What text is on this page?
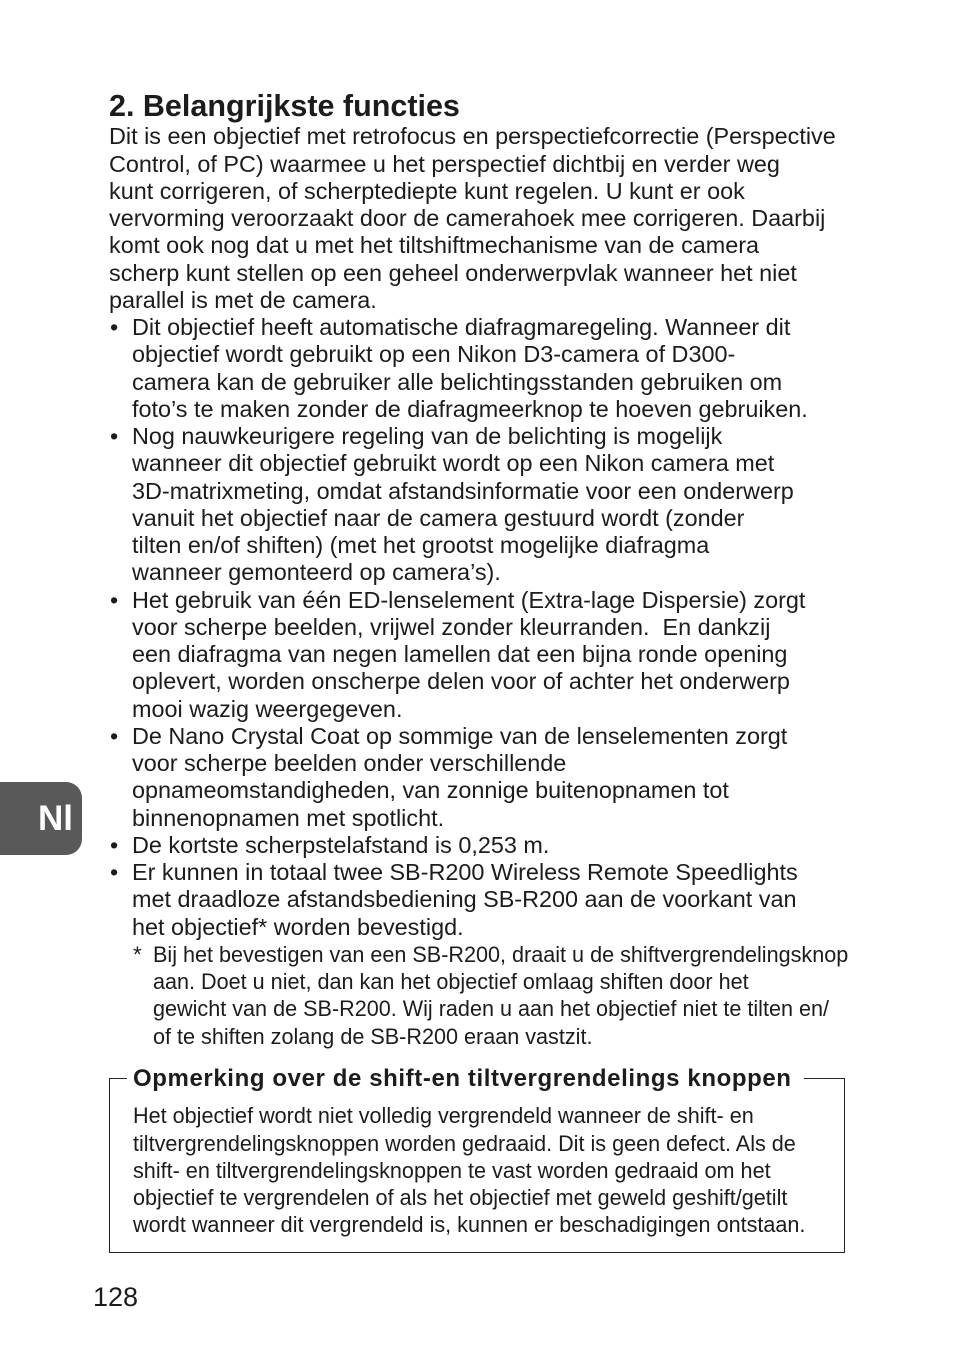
Nl
2. Belangrijkste functies
Dit is een objectief met retrofocus en perspectiefcorrectie (Perspective
Control, of PC) waarmee u het perspectief dichtbij en verder weg
kunt corrigeren, of scherptediepte kunt regelen. U kunt er ook
vervorming veroorzaakt door de camerahoek mee corrigeren. Daarbij
komt ook nog dat u met het tiltshiftmechanisme van de camera
scherp kunt stellen op een geheel onderwerpvlak wanneer het niet
parallel is met de camera.
• Dit objectief heeft automatische diafragmaregeling. Wanneer dit
objectief wordt gebruikt op een Nikon D3-camera of D300-
camera kan de gebruiker alle belichtingsstanden gebruiken om
foto’s te maken zonder de diafragmeerknop te hoeven gebruiken.
• Nog nauwkeurigere regeling van de belichting is mogelijk
wanneer dit objectief gebruikt wordt op een Nikon camera met
3D-matrixmeting, omdat afstandsinformatie voor een onderwerp
vanuit het objectief naar de camera gestuurd wordt (zonder
tilten en/of shiften) (met het grootst mogelijke diafragma
wanneer gemonteerd op camera’s).
• Het gebruik van één ED-lenselement (Extra-lage Dispersie) zorgt
voor scherpe beelden, vrijwel zonder kleurranden.  En dankzij
een diafragma van negen lamellen dat een bijna ronde opening
oplevert, worden onscherpe delen voor of achter het onderwerp
mooi wazig weergegeven.
• De Nano Crystal Coat op sommige van de lenselementen zorgt
voor scherpe beelden onder verschillende
opnameomstandigheden, van zonnige buitenopnamen tot
binnenopnamen met spotlicht.
• De kortste scherpstelafstand is 0,253 m.
• Er kunnen in totaal twee SB-R200 Wireless Remote Speedlights
met draadloze afstandsbediening SB-R200 aan de voorkant van
het objectief* worden bevestigd.
* Bij het bevestigen van een SB-R200, draait u de shiftvergrendelingsknop
aan. Doet u niet, dan kan het objectief omlaag shiften door het
gewicht van de SB-R200. Wij raden u aan het objectief niet te tilten en/
of te shiften zolang de SB-R200 eraan vastzit.
Opmerking over de shift-en tiltvergrendelings knoppen
Het objectief wordt niet volledig vergrendeld wanneer de shift- en
tiltvergrendelingsknoppen worden gedraaid. Dit is geen defect. Als de
shift- en tiltvergrendelingsknoppen te vast worden gedraaid om het
objectief te vergrendelen of als het objectief met geweld geshift/getilt
wordt wanneer dit vergrendeld is, kunnen er beschadigingen ontstaan.
128
